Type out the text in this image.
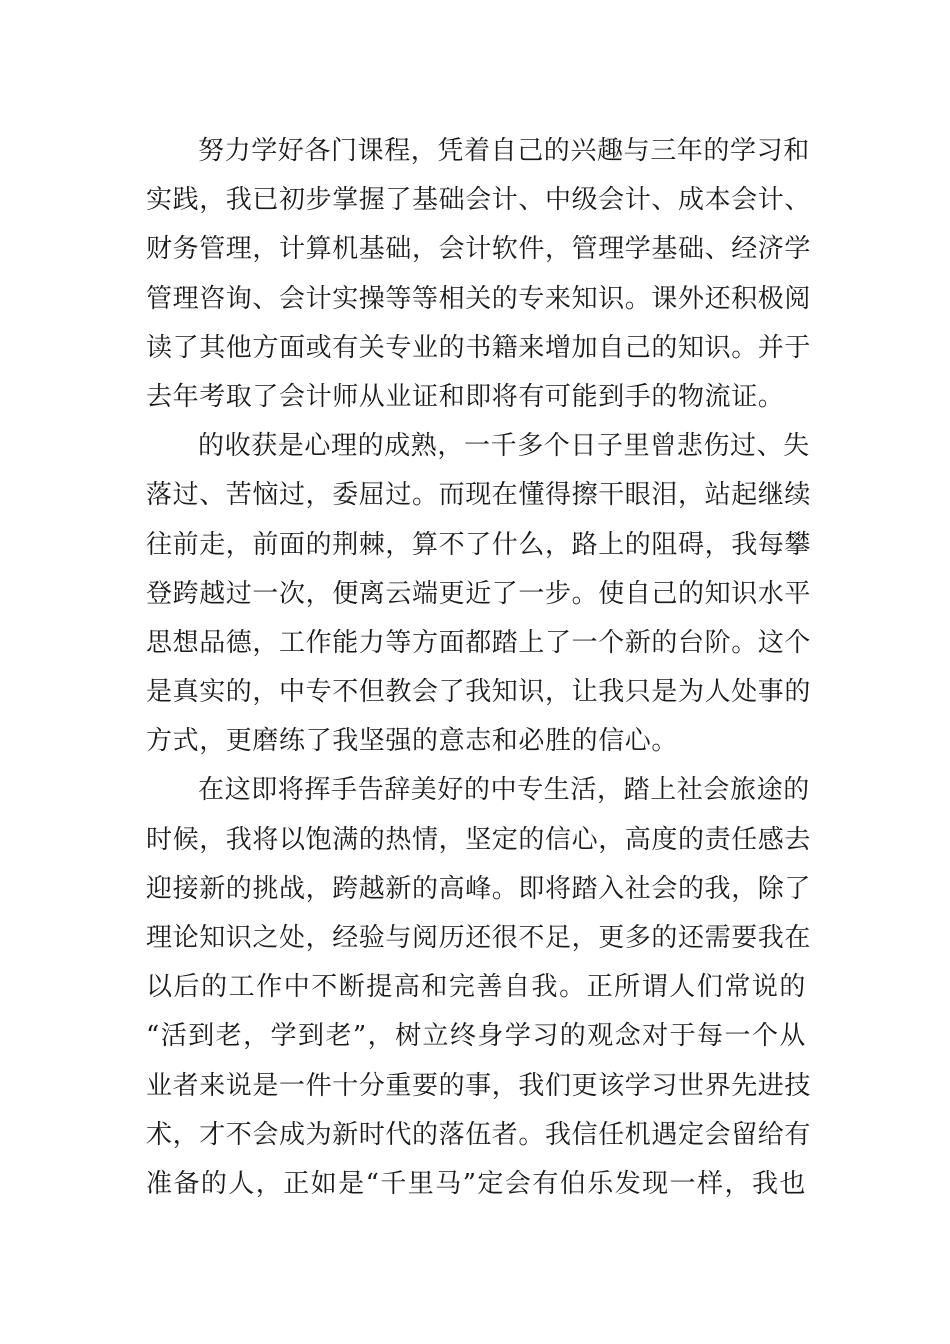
努力学好各门课程，凭着自己的兴趣与三年的学习和
实践，我已初步掌握了基础会计、中级会计、成本会计、
财务管理，计算机基础，会计软件，管理学基础、经济学
管理咨询、会计实操等等相关的专来知识。课外还积极阅
读了其他方面或有关专业的书籍来增加自己的知识。并于
去年考取了会计师从业证和即将有可能到手的物流证。
的收获是心理的成熟，一千多个日子里曾悲伤过、失
落过、苦恼过，委屈过。而现在懂得擦干眼泪，站起继续
往前走，前面的荆棘，算不了什么，路上的阻碍，我每攀
登跨越过一次，便离云端更近了一步。使自己的知识水平
思想品德，工作能力等方面都踏上了一个新的台阶。这个
是真实的，中专不但教会了我知识，让我只是为人处事的
方式，更磨练了我坚强的意志和必胜的信心。
在这即将挥手告辞美好的中专生活，踏上社会旅途的
时候，我将以饱满的热情，坚定的信心，高度的责任感去
迎接新的挑战，跨越新的高峰。即将踏入社会的我，除了
理论知识之处，经验与阅历还很不足，更多的还需要我在
以后的工作中不断提高和完善自我。正所谓人们常说的
“活到老，学到老”，树立终身学习的观念对于每一个从
业者来说是一件十分重要的事，我们更该学习世界先进技
术，才不会成为新时代的落伍者。我信任机遇定会留给有
准备的人，正如是“千里马”定会有伯乐发现一样，我也
